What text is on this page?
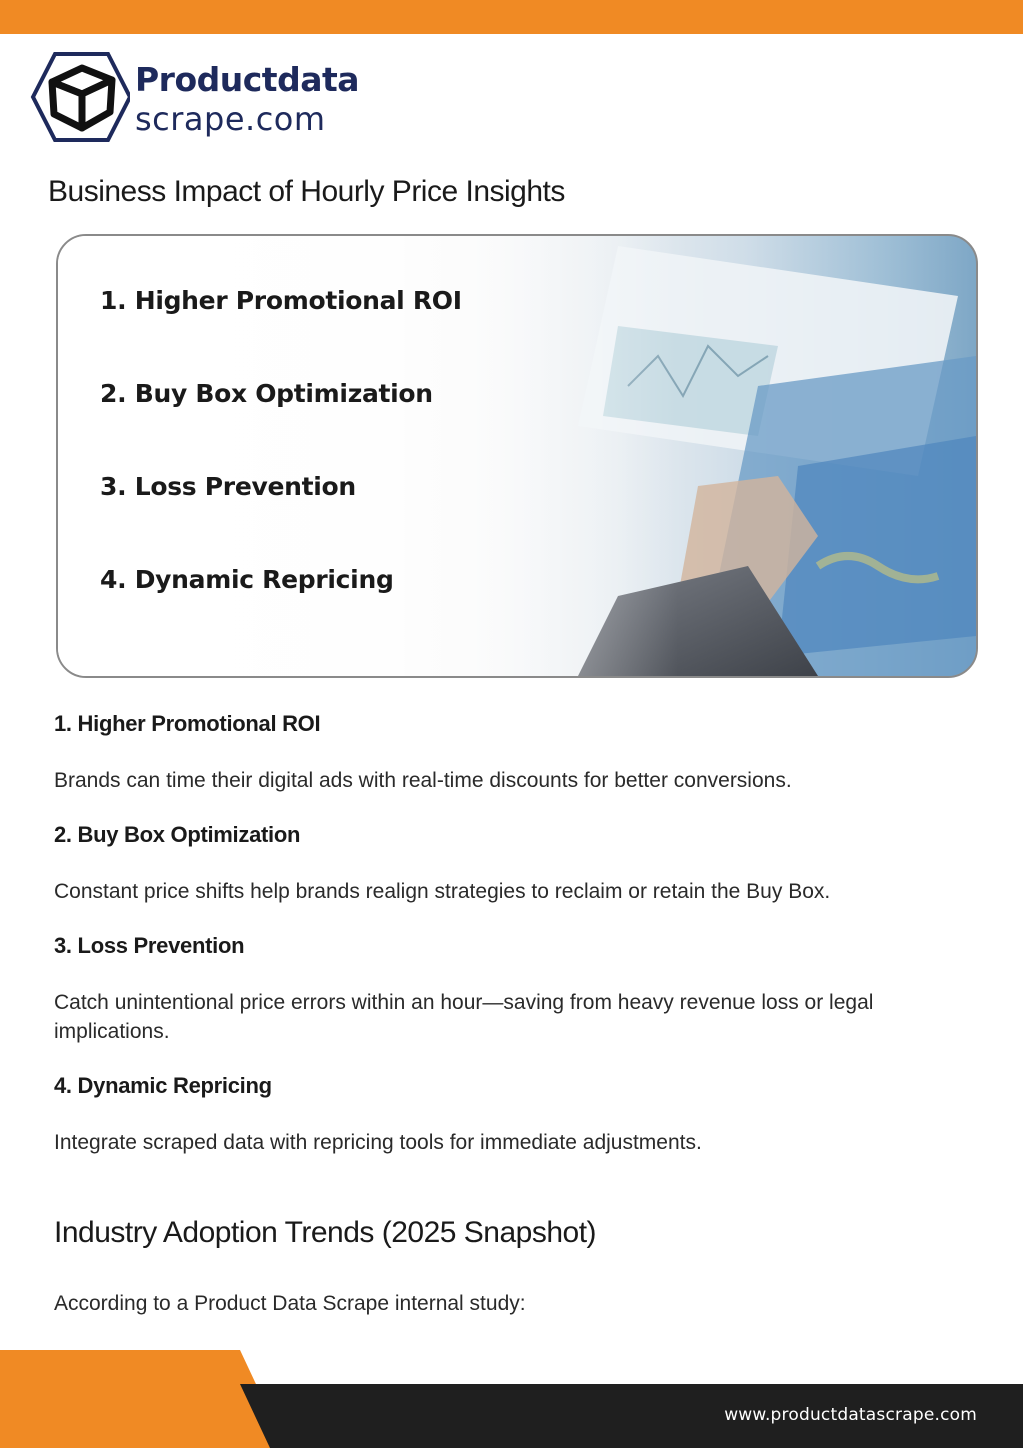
Productdata
scrape.com
Business Impact of Hourly Price Insights
1. Higher Promotional ROI
2. Buy Box Optimization
3. Loss Prevention
4. Dynamic Repricing
1. Higher Promotional ROI

Brands can time their digital ads with real-time discounts for better conversions.

2. Buy Box Optimization

Constant price shifts help brands realign strategies to reclaim or retain the Buy Box.

3. Loss Prevention

Catch unintentional price errors within an hour—saving from heavy revenue loss or legal implications.

4. Dynamic Repricing

Integrate scraped data with repricing tools for immediate adjustments.

Industry Adoption Trends (2025 Snapshot)

According to a Product Data Scrape internal study:

www.productdatascrape.com
